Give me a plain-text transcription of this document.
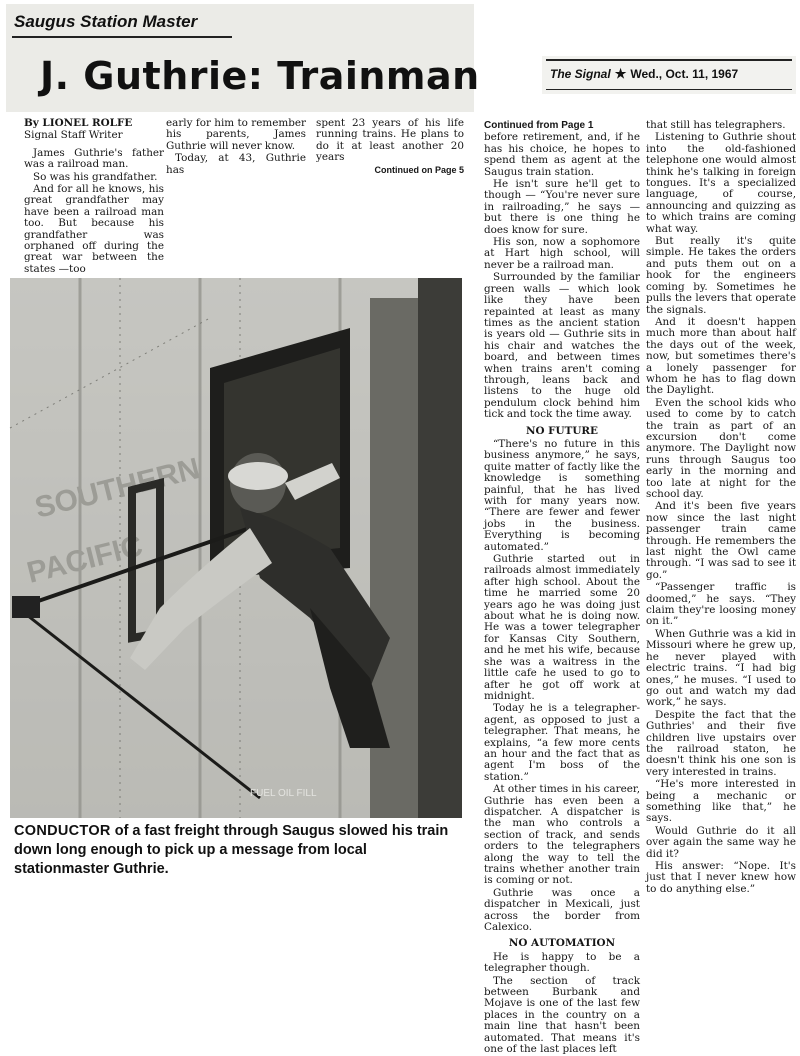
Saugus Station Master
J. Guthrie: Trainman	The Signal ★ Wed., Oct. 11, 1967

By LIONEL ROLFE

Signal Staff Writer

James Guthrie's father was a railroad man.

So was his grandfather.

And for all he knows, his great grandfather may have been a railroad man too. But because his grandfather was orphaned off during the great war between the states —too

early for him to remember his parents, James Guthrie will never know.

Today, at 43, Guthrie has

spent 23 years of his life running trains. He plans to do it at least another 20 years

Continued on Page 5

SOUTHERN
PACIFIC
FUEL OIL FILL
CONDUCTOR of a fast freight through Saugus slowed his train down long enough to pick up a message from local stationmaster Guthrie.

Continued from Page 1

before retirement, and, if he has his choice, he hopes to spend them as agent at the Saugus train station.

He isn't sure he'll get to though — “You're never sure in railroading,” he says — but there is one thing he does know for sure.

His son, now a sophomore at Hart high school, will never be a railroad man.

Surrounded by the familiar green walls — which look like they have been repainted at least as many times as the ancient station is years old — Guthrie sits in his chair and watches the board, and between times when trains aren't coming through, leans back and listens to the huge old pendulum clock behind him tick and tock the time away.

NO FUTURE

“There's no future in this business anymore,” he says, quite matter of factly like the knowledge is something painful, that he has lived with for many years now. “There are fewer and fewer jobs in the business. Everything is becoming automated.”

Guthrie started out in railroads almost immediately after high school. About the time he married some 20 years ago he was doing just about what he is doing now. He was a tower telegrapher for Kansas City Southern, and he met his wife, because she was a waitress in the little cafe he used to go to after he got off work at midnight.

Today he is a telegrapher-agent, as opposed to just a telegrapher. That means, he explains, “a few more cents an hour and the fact that as agent I'm boss of the station.”

At other times in his career, Guthrie has even been a dispatcher. A dispatcher is the man who controls a section of track, and sends orders to the telegraphers along the way to tell the trains whether another train is coming or not.

Guthrie was once a dispatcher in Mexicali, just across the border from Calexico.

NO AUTOMATION

He is happy to be a telegrapher though.

The section of track between Burbank and Mojave is one of the last few places in the country on a main line that hasn't been automated. That means it's one of the last places left

that still has telegraphers.

Listening to Guthrie shout into the old-fashioned telephone one would almost think he's talking in foreign tongues. It's a specialized language, of course, announcing and quizzing as to which trains are coming what way.

But really it's quite simple. He takes the orders and puts them out on a hook for the engineers coming by. Sometimes he pulls the levers that operate the signals.

And it doesn't happen much more than about half the days out of the week, now, but sometimes there's a lonely passenger for whom he has to flag down the Daylight.

Even the school kids who used to come by to catch the train as part of an excursion don't come anymore. The Daylight now runs through Saugus too early in the morning and too late at night for the school day.

And it's been five years now since the last night passenger train came through. He remembers the last night the Owl came through. “I was sad to see it go.”

“Passenger traffic is doomed,” he says. “They claim they're loosing money on it.”

When Guthrie was a kid in Missouri where he grew up, he never played with electric trains. “I had big ones,” he muses. “I used to go out and watch my dad work,” he says.

Despite the fact that the Guthries' and their five children live upstairs over the railroad staton, he doesn't think his one son is very interested in trains.

“He's more interested in being a mechanic or something like that,” he says.

Would Guthrie do it all over again the same way he did it?

His answer: “Nope. It's just that I never knew how to do anything else.”
